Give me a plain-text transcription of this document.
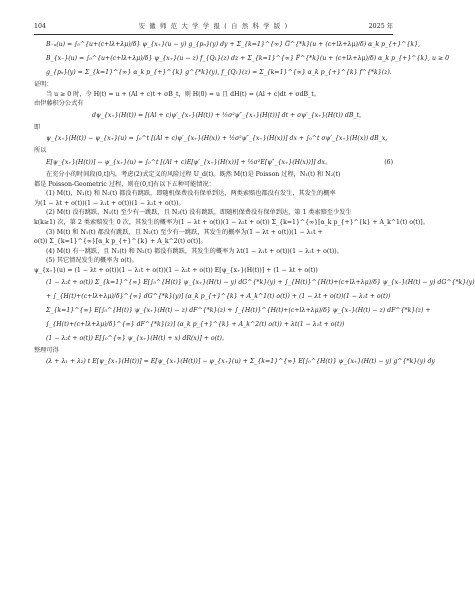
104	安 徽 师 范 大 学 学 报 ( 自 然 科 学 版 )	2025 年
B₋ᵤ(u) = ∫₀^{u+(c+lλ+λμ)/δ} ψ_{x₊}(u − y) g_{pₙ}(y) dy + Σ_{k=1}^{∞} G̅^{*k}(u + (c+lλ+λμ)/δ) α_k p_{+}^{k},
B_{x₋}(u) = ∫₀^{u+(c+lλ+λμ)/δ} ψ_{x₊}(u − z) f_{Q₁}(z) dz + Σ_{k=1}^{∞} F̅^{*k}(u + (c+lλ+λμ)/δ) α_k p_{+}^{k}, u ≥ 0
g_{pₙ}(y) = Σ_{k=1}^{∞} α_k p_{+}^{k} g^{*k}(y), f_{Q₁}(z) = Σ_{k=1}^{∞} α_k p_{+}^{k} f^{*k}(z).
证明：
当 u ≥ 0 时，令 H(t) = u + (Al + c)t + σB_t，则 H(0) = u 且 dH(t) = (Al + c)dt + σdB_t。
由伊藤积分公式有
dψ_{x₊}(H(t)) = [(Al + c)ψ′_{x₊}(H(t)) + ½σ²ψ″_{x₊}(H(t))] dt + σψ′_{x₊}(H(t)) dB_t，
即
ψ_{x₊}(H(t)) − ψ_{x₊}(u) = ∫₀^t [(Al + c)ψ′_{x₊}(H(x)) + ½σ²ψ″_{x₊}(H(x))] dx + ∫₀^t σψ′_{x₊}(H(x)) dB_x，
所以
E[ψ_{x₊}(H(t))] − ψ_{x₊}(u) = ∫₀^t [(Al + c)E[ψ′_{x₊}(H(x))] + ½σ²E[ψ″_{x₊}(H(x))]] dx。	(6)
在充分小的时间段(0,t]内，考虑(2)式定义的风险过程 U_d(t)。既然 M(t)是 Poisson 过程，N₁(t) 和 N₂(t)
都是 Poisson-Geometric 过程，则在(0,t]有以下五种可能情况：
(1) M(t)，N₁(t) 和 N₂(t) 都没有跳跃，即随机保费没有保单到达，两类索赔也都没有发生，其发生的概率
为(1 − λt + o(t))(1 − λ₁t + o(t))(1 − λ₂t + o(t))。
(2) M(t) 没有跳跃，N₁(t) 至少有一跳跃，且 N₂(t) 没有跳跃，即随机保费没有保单到达，第 1 类索赔至少发生
k(k≥1) 次，第 2 类索赔发生 0 次，其发生的概率为(1 − λt + o(t))(1 − λ₂t + o(t)) Σ_{k=1}^{∞}[α_k p_{+}^{k} + A_k^1(t) o(t)]。
(3) M(t) 和 N₁(t) 都没有跳跃，且 N₂(t) 至少有一跳跃，其发生的概率为(1 − λt + o(t))(1 − λ₁t +
o(t)) Σ_{k=1}^{∞}[α_k p_{+}^{k} + A_k^2(t) o(t)]。
(4) M(t) 有一跳跃，且 N₁(t) 和 N₂(t) 都没有跳跃，其发生的概率为 λt(1 − λ₁t + o(t))(1 − λ₂t + o(t))。
(5) 其它情况发生的概率为 o(t)。
ψ_{x₊}(u) = (1 − λt + o(t))(1 − λ₁t + o(t))(1 − λ₂t + o(t)) E[ψ_{x₊}(H(t))] + (1 − λt + o(t))
(1 − λ₂t + o(t)) Σ_{k=1}^{∞} E[∫₀^{H(t)} ψ_{x₊}(H(t) − y) dG^{*k}(y) + ∫_{H(t)}^{H(t)+(c+lλ+λμ)/δ} ψ_{x₋}(H(t) − y) dG^{*k}(y)
+ ∫_{H(t)+(c+lλ+λμ)/δ}^{∞} dG^{*k}(y)] (α_k p_{+}^{k} + A_k^1(t) o(t)) + (1 − λt + o(t))(1 − λ₁t + o(t))
Σ_{k=1}^{∞} E[∫₀^{H(t)} ψ_{x₊}(H(t) − z) dF^{*k}(z) + ∫_{H(t)}^{H(t)+(c+lλ+λμ)/δ} ψ_{x₋}(H(t) − z) dF^{*k}(z) +
∫_{H(t)+(c+lλ+λμ)/δ}^{∞} dF^{*k}(z)] (α_k p_{+}^{k} + A_k^2(t) o(t)) + λt(1 − λ₁t + o(t))
(1 − λ₂t + o(t)) E[∫₀^{∞} ψ_{x₊}(H(t) + x) dR(x)] + o(t)。
整理可得
(λ + λ₁ + λ₂) t E[ψ_{x₊}(H(t))] = E[ψ_{x₊}(H(t))] − ψ_{x₊}(u) + Σ_{k=1}^{∞} E[∫₀^{H(t)} ψ_{x₊}(H(t) − y) g^{*k}(y) dy
